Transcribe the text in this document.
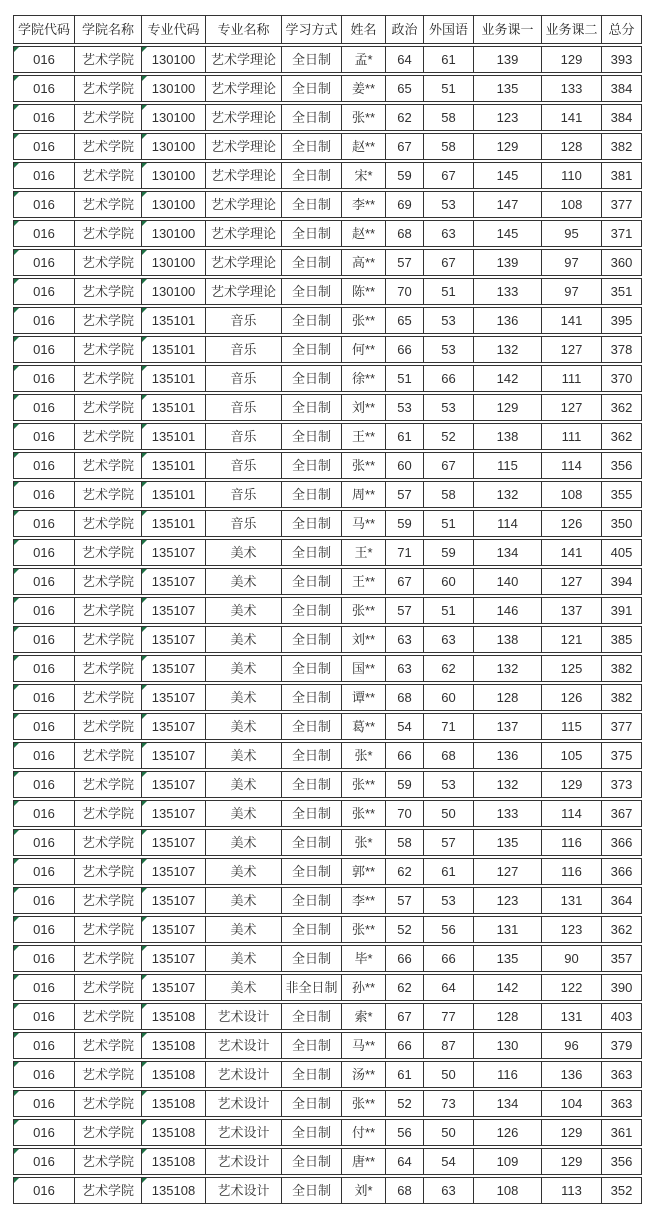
学院代码	学院名称	专业代码	专业名称	学习方式	姓名	政治	外国语	业务课一	业务课二	总分
016	艺术学院	130100	艺术学理论	全日制	孟*	64	61	139	129	393
016	艺术学院	130100	艺术学理论	全日制	姜**	65	51	135	133	384
016	艺术学院	130100	艺术学理论	全日制	张**	62	58	123	141	384
016	艺术学院	130100	艺术学理论	全日制	赵**	67	58	129	128	382
016	艺术学院	130100	艺术学理论	全日制	宋*	59	67	145	110	381
016	艺术学院	130100	艺术学理论	全日制	李**	69	53	147	108	377
016	艺术学院	130100	艺术学理论	全日制	赵**	68	63	145	95	371
016	艺术学院	130100	艺术学理论	全日制	高**	57	67	139	97	360
016	艺术学院	130100	艺术学理论	全日制	陈**	70	51	133	97	351
016	艺术学院	135101	音乐	全日制	张**	65	53	136	141	395
016	艺术学院	135101	音乐	全日制	何**	66	53	132	127	378
016	艺术学院	135101	音乐	全日制	徐**	51	66	142	111	370
016	艺术学院	135101	音乐	全日制	刘**	53	53	129	127	362
016	艺术学院	135101	音乐	全日制	王**	61	52	138	111	362
016	艺术学院	135101	音乐	全日制	张**	60	67	115	114	356
016	艺术学院	135101	音乐	全日制	周**	57	58	132	108	355
016	艺术学院	135101	音乐	全日制	马**	59	51	114	126	350
016	艺术学院	135107	美术	全日制	王*	71	59	134	141	405
016	艺术学院	135107	美术	全日制	王**	67	60	140	127	394
016	艺术学院	135107	美术	全日制	张**	57	51	146	137	391
016	艺术学院	135107	美术	全日制	刘**	63	63	138	121	385
016	艺术学院	135107	美术	全日制	国**	63	62	132	125	382
016	艺术学院	135107	美术	全日制	谭**	68	60	128	126	382
016	艺术学院	135107	美术	全日制	葛**	54	71	137	115	377
016	艺术学院	135107	美术	全日制	张*	66	68	136	105	375
016	艺术学院	135107	美术	全日制	张**	59	53	132	129	373
016	艺术学院	135107	美术	全日制	张**	70	50	133	114	367
016	艺术学院	135107	美术	全日制	张*	58	57	135	116	366
016	艺术学院	135107	美术	全日制	郭**	62	61	127	116	366
016	艺术学院	135107	美术	全日制	李**	57	53	123	131	364
016	艺术学院	135107	美术	全日制	张**	52	56	131	123	362
016	艺术学院	135107	美术	全日制	毕*	66	66	135	90	357
016	艺术学院	135107	美术	非全日制	孙**	62	64	142	122	390
016	艺术学院	135108	艺术设计	全日制	索*	67	77	128	131	403
016	艺术学院	135108	艺术设计	全日制	马**	66	87	130	96	379
016	艺术学院	135108	艺术设计	全日制	汤**	61	50	116	136	363
016	艺术学院	135108	艺术设计	全日制	张**	52	73	134	104	363
016	艺术学院	135108	艺术设计	全日制	付**	56	50	126	129	361
016	艺术学院	135108	艺术设计	全日制	唐**	64	54	109	129	356
016	艺术学院	135108	艺术设计	全日制	刘*	68	63	108	113	352
